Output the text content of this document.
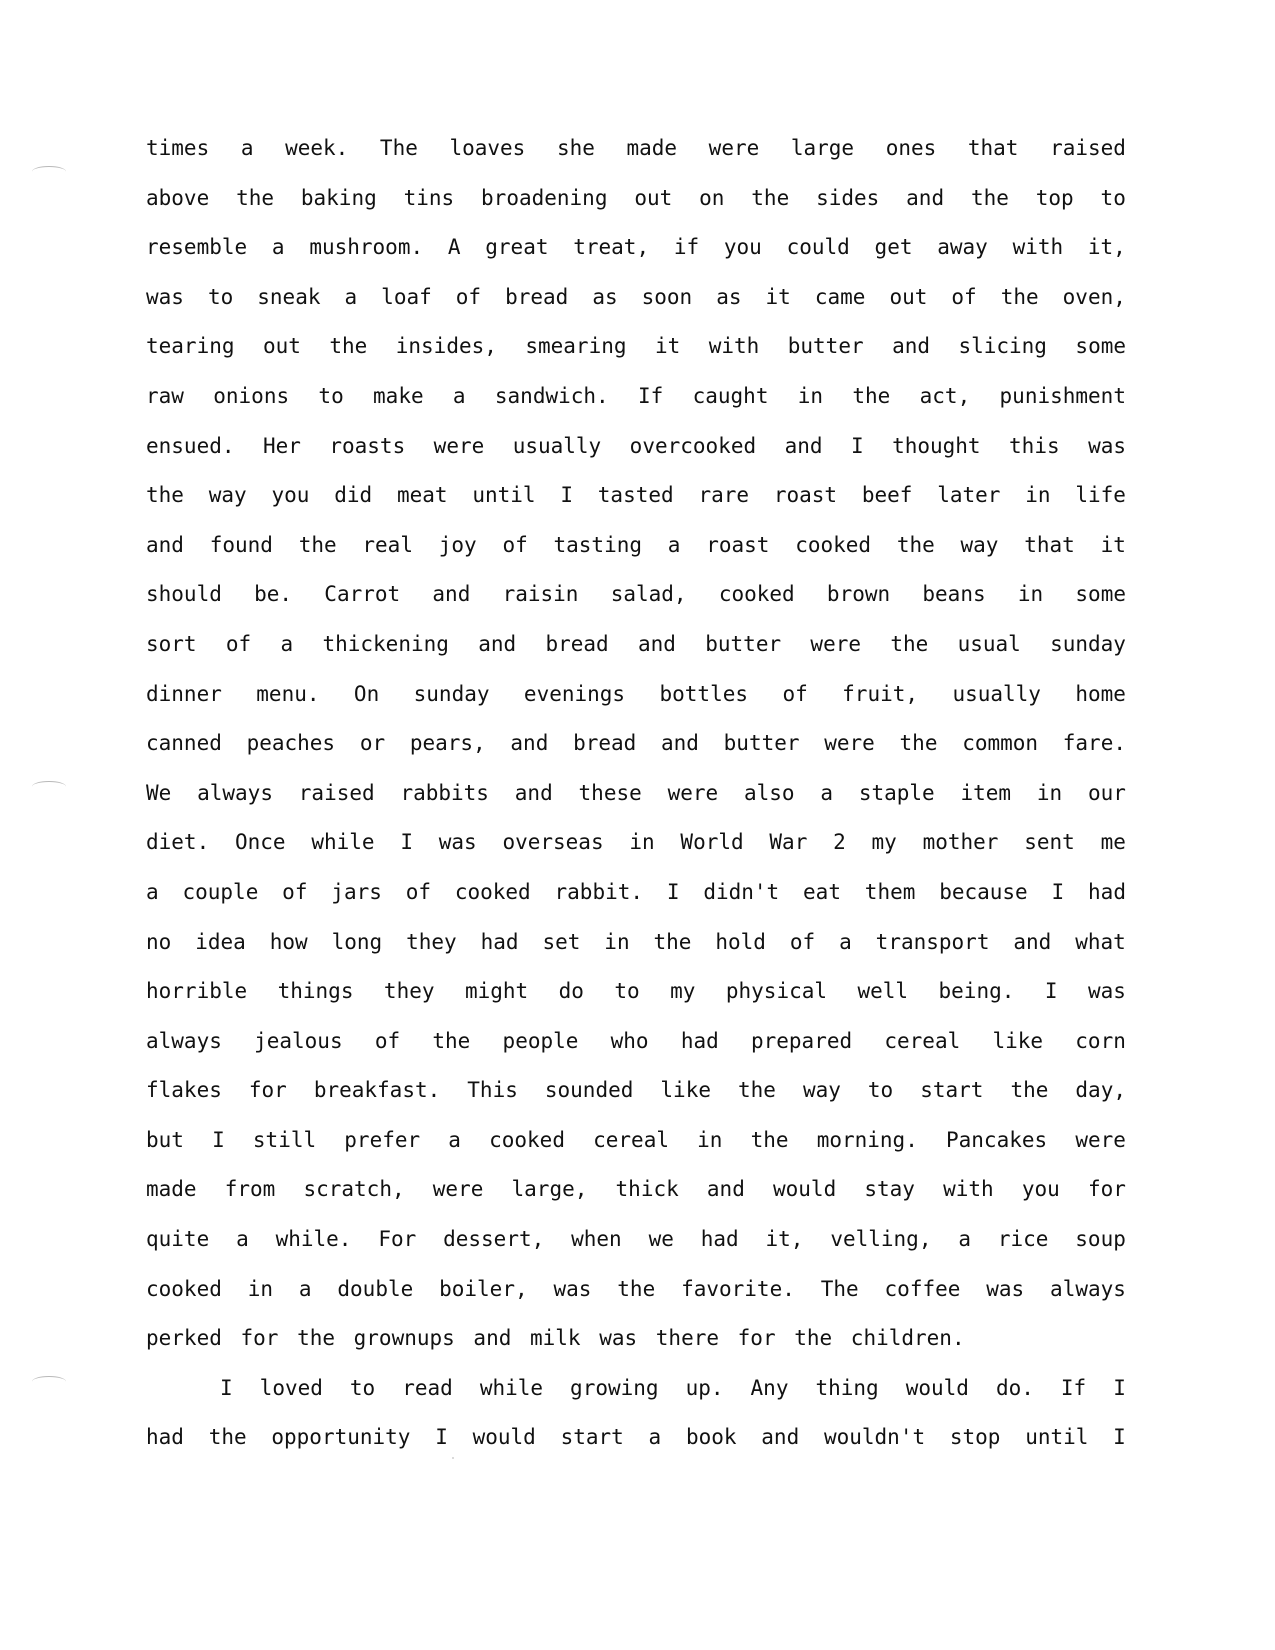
times a week. The loaves she made were large ones that raised
above the baking tins broadening out on the sides and the top to
resemble a mushroom. A great treat, if you could get away with it,
was to sneak a loaf of bread as soon as it came out of the oven,
tearing out the insides, smearing it with butter and slicing some
raw onions to make a sandwich. If caught in the act, punishment
ensued. Her roasts were usually overcooked and I thought this was
the way you did meat until I tasted rare roast beef later in life
and found the real joy of tasting a roast cooked the way that it
should be. Carrot and raisin salad, cooked brown beans in some
sort of a thickening and bread and butter were the usual sunday
dinner menu. On sunday evenings bottles of fruit, usually home
canned peaches or pears, and bread and butter were the common fare.
We always raised rabbits and these were also a staple item in our
diet. Once while I was overseas in World War 2 my mother sent me
a couple of jars of cooked rabbit. I didn't eat them because I had
no idea how long they had set in the hold of a transport and what
horrible things they might do to my physical well being. I was
always jealous of the people who had prepared cereal like corn
flakes for breakfast. This sounded like the way to start the day,
but I still prefer a cooked cereal in the morning. Pancakes were
made from scratch, were large, thick and would stay with you for
quite a while. For dessert, when we had it, velling, a rice soup
cooked in a double boiler, was the favorite. The coffee was always
perked for the grownups and milk was there for the children.
I loved to read while growing up. Any thing would do. If I
had the opportunity I would start a book and wouldn't stop until I
